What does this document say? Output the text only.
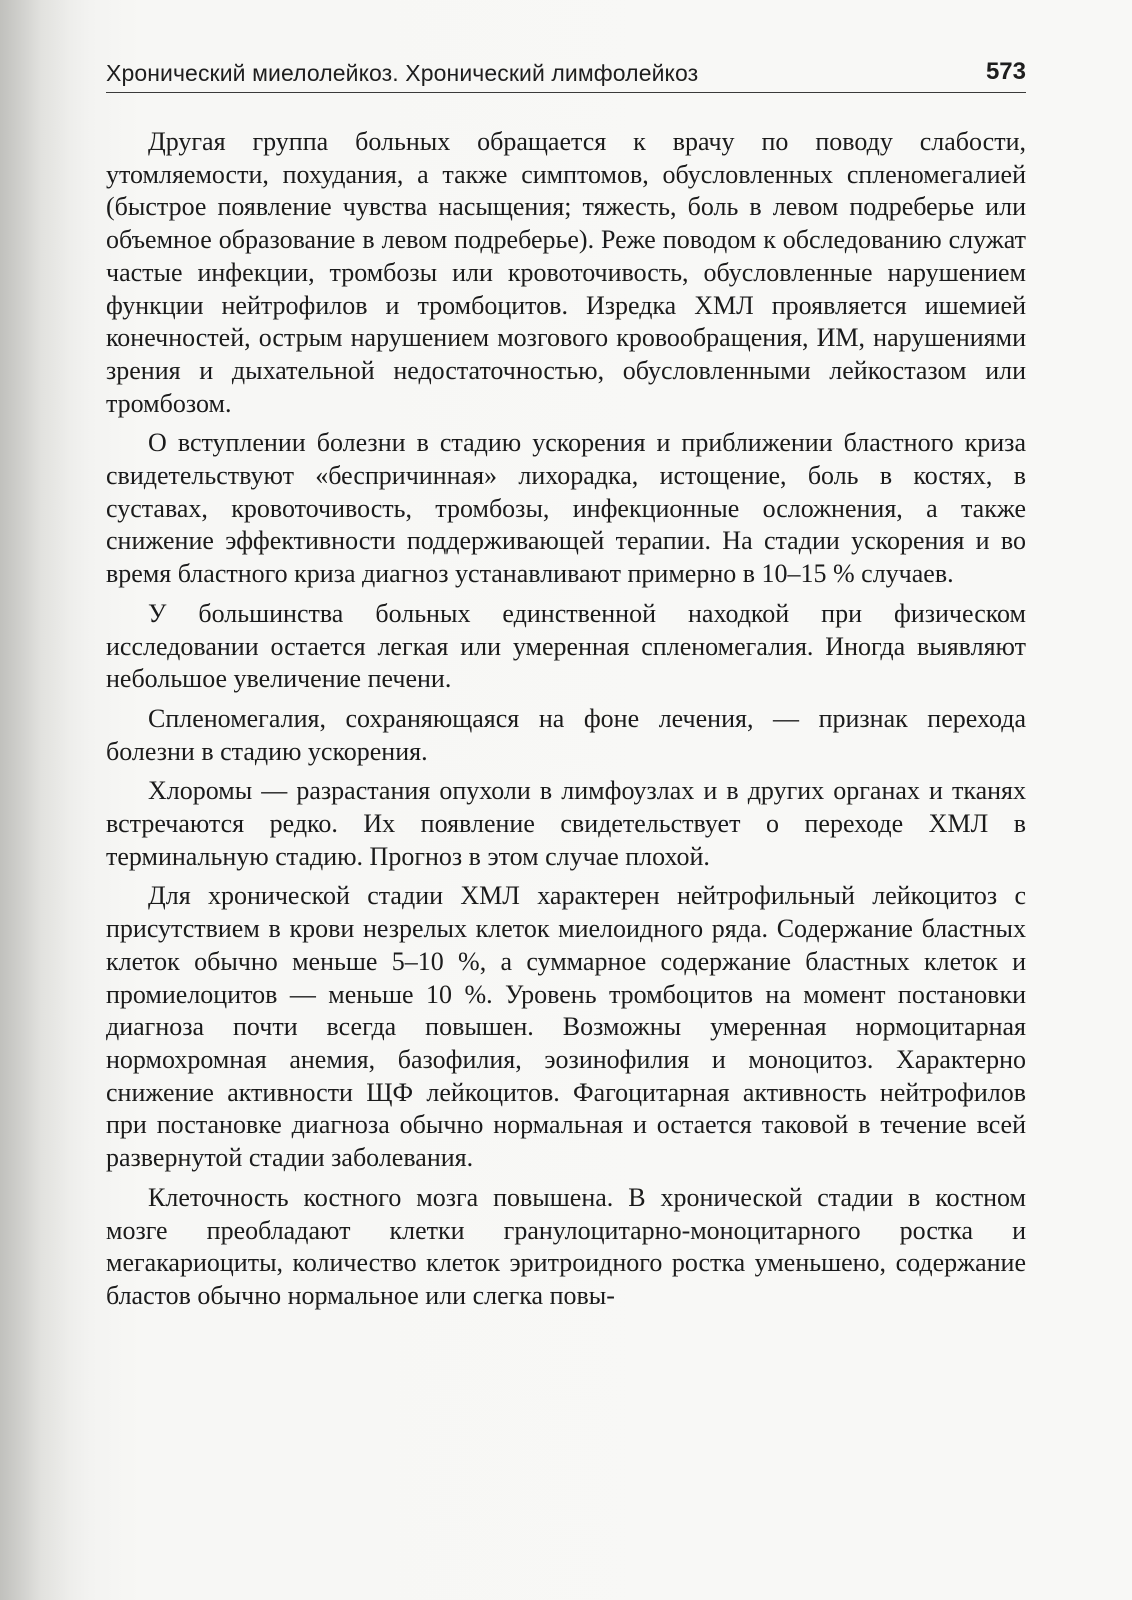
Хронический миелолейкоз. Хронический лимфолейкоз	573

Другая группа больных обращается к врачу по поводу слабости, утомляемости, похудания, а также симптомов, обусловленных спленомегалией (быстрое появление чувства насыщения; тяжесть, боль в левом подреберье или объемное образование в левом подреберье). Реже поводом к обследованию служат частые инфекции, тромбозы или кровоточивость, обусловленные нарушением функции нейтрофилов и тромбоцитов. Изредка ХМЛ проявляется ишемией конечностей, острым нарушением мозгового кровообращения, ИМ, нарушениями зрения и дыхательной недостаточностью, обусловленными лейкостазом или тромбозом.

О вступлении болезни в стадию ускорения и приближении бластного криза свидетельствуют «беспричинная» лихорадка, истощение, боль в костях, в суставах, кровоточивость, тромбозы, инфекционные осложнения, а также снижение эффективности поддерживающей терапии. На стадии ускорения и во время бластного криза диагноз устанавливают примерно в 10–15 % случаев.

У большинства больных единственной находкой при физическом исследовании остается легкая или умеренная спленомегалия. Иногда выявляют небольшое увеличение печени.

Спленомегалия, сохраняющаяся на фоне лечения, — признак перехода болезни в стадию ускорения.

Хлоромы — разрастания опухоли в лимфоузлах и в других органах и тканях встречаются редко. Их появление свидетельствует о переходе ХМЛ в терминальную стадию. Прогноз в этом случае плохой.

Для хронической стадии ХМЛ характерен нейтрофильный лейкоцитоз с присутствием в крови незрелых клеток миелоидного ряда. Содержание бластных клеток обычно меньше 5–10 %, а суммарное содержание бластных клеток и промиелоцитов — меньше 10 %. Уровень тромбоцитов на момент постановки диагноза почти всегда повышен. Возможны умеренная нормоцитарная нормохромная анемия, базофилия, эозинофилия и моноцитоз. Характерно снижение активности ЩФ лейкоцитов. Фагоцитарная активность нейтрофилов при постановке диагноза обычно нормальная и остается таковой в течение всей развернутой стадии заболевания.

Клеточность костного мозга повышена. В хронической стадии в костном мозге преобладают клетки гранулоцитарно-моноцитарного ростка и мегакариоциты, количество клеток эритроидного ростка уменьшено, содержание бластов обычно нормальное или слегка повы-
